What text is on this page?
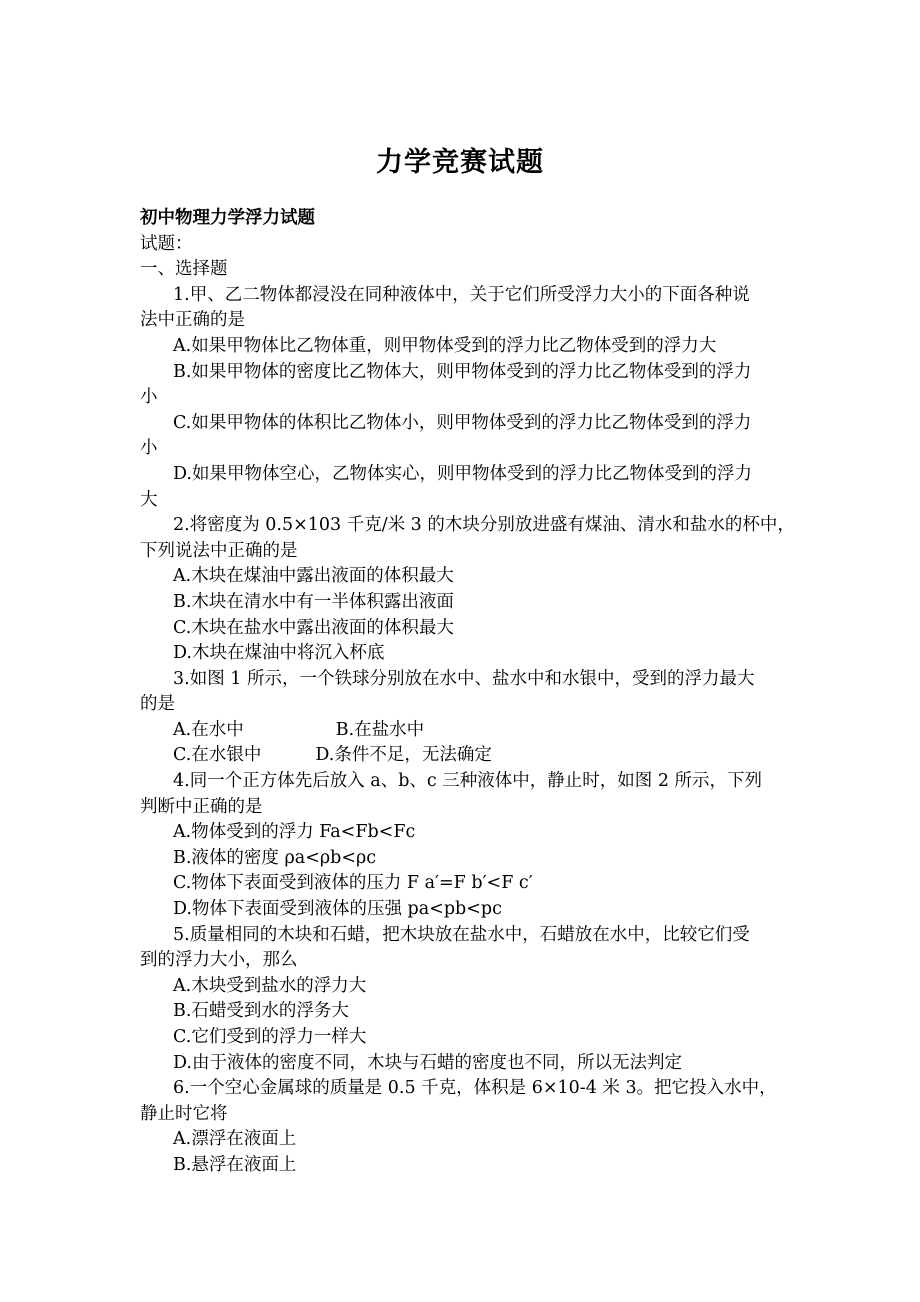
力学竞赛试题
初中物理力学浮力试题
试题：
一、选择题
1.甲、乙二物体都浸没在同种液体中，关于它们所受浮力大小的下面各种说
法中正确的是
A.如果甲物体比乙物体重，则甲物体受到的浮力比乙物体受到的浮力大
B.如果甲物体的密度比乙物体大，则甲物体受到的浮力比乙物体受到的浮力
小
C.如果甲物体的体积比乙物体小，则甲物体受到的浮力比乙物体受到的浮力
小
D.如果甲物体空心，乙物体实心，则甲物体受到的浮力比乙物体受到的浮力
大
2.将密度为 0.5×103 千克/米 3 的木块分别放进盛有煤油、清水和盐水的杯中，
下列说法中正确的是
A.木块在煤油中露出液面的体积最大
B.木块在清水中有一半体积露出液面
C.木块在盐水中露出液面的体积最大
D.木块在煤油中将沉入杯底
3.如图 1 所示，一个铁球分别放在水中、盐水中和水银中，受到的浮力最大
的是
A.在水中	B.在盐水中
C.在水银中	D.条件不足，无法确定
4.同一个正方体先后放入 a、b、c 三种液体中，静止时，如图 2 所示，下列
判断中正确的是
A.物体受到的浮力 Fa<Fb<Fc
B.液体的密度 ρa<ρb<ρc
C.物体下表面受到液体的压力 F a′=F b′<F c′
D.物体下表面受到液体的压强 pa<pb<pc
5.质量相同的木块和石蜡，把木块放在盐水中，石蜡放在水中，比较它们受
到的浮力大小，那么
A.木块受到盐水的浮力大
B.石蜡受到水的浮务大
C.它们受到的浮力一样大
D.由于液体的密度不同，木块与石蜡的密度也不同，所以无法判定
6.一个空心金属球的质量是 0.5 千克，体积是 6×10-4 米 3。把它投入水中，
静止时它将
A.漂浮在液面上
B.悬浮在液面上
